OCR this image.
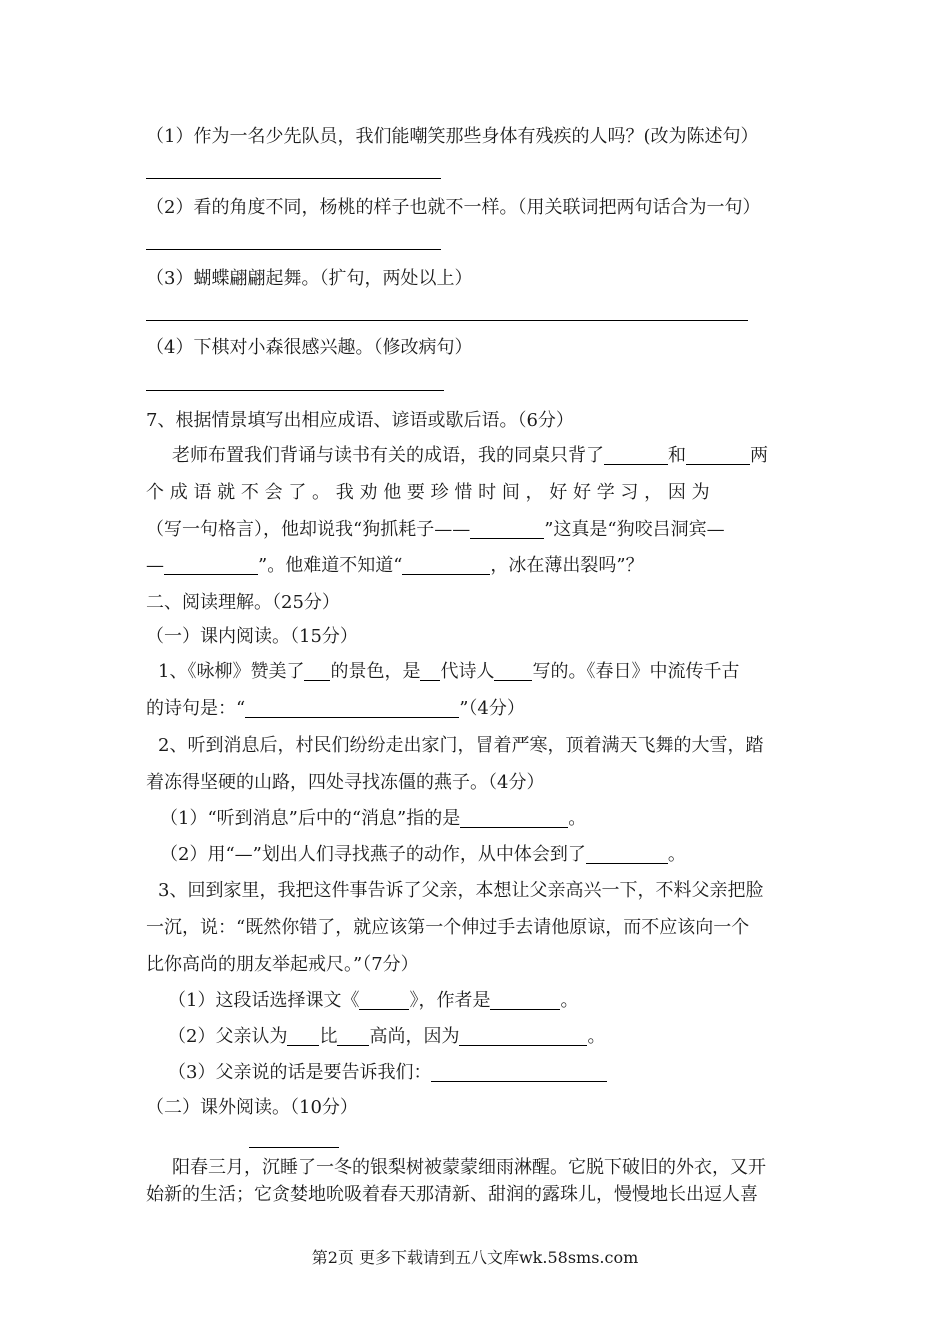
（1）作为一名少先队员，我们能嘲笑那些身体有残疾的人吗？(改为陈述句）
（2）看的角度不同，杨桃的样子也就不一样。（用关联词把两句话合为一句）
（3）蝴蝶翩翩起舞。（扩句，两处以上）
（4）下棋对小森很感兴趣。（修改病句）
7、根据情景填写出相应成语、谚语或歇后语。（6分）
老师布置我们背诵与读书有关的成语，我的同桌只背了	和	两
个 成 语 就 不 会 了 。 我 劝 他 要 珍 惜 时 间 ， 好 好 学 习 ， 因 为
（写一句格言），他却说我“狗抓耗子——	”这真是“狗咬吕洞宾—
—	”。他难道不知道“	，冰在薄出裂吗”？
二、阅读理解。（25分）
（一）课内阅读。（15分）
1、《咏柳》赞美了 的景色，是 代诗人 写的。《春日》中流传千古
的诗句是：“	”（4分）
2、听到消息后，村民们纷纷走出家门，冒着严寒，顶着满天飞舞的大雪，踏
着冻得坚硬的山路，四处寻找冻僵的燕子。（4分）
（1）“听到消息”后中的“消息”指的是	。
（2）用“—”划出人们寻找燕子的动作，从中体会到了	。
3、回到家里，我把这件事告诉了父亲，本想让父亲高兴一下，不料父亲把脸
一沉，说：“既然你错了，就应该第一个伸过手去请他原谅，而不应该向一个
比你高尚的朋友举起戒尺。”（7分）
（1）这段话选择课文《	》，作者是	。
（2）父亲认为 比 高尚，因为	。
（3）父亲说的话是要告诉我们：
（二）课外阅读。（10分）
阳春三月，沉睡了一冬的银梨树被蒙蒙细雨淋醒。它脱下破旧的外衣，又开
始新的生活；它贪婪地吮吸着春天那清新、甜润的露珠儿，慢慢地长出逗人喜
第2页 更多下载请到五八文库wk.58sms.com
